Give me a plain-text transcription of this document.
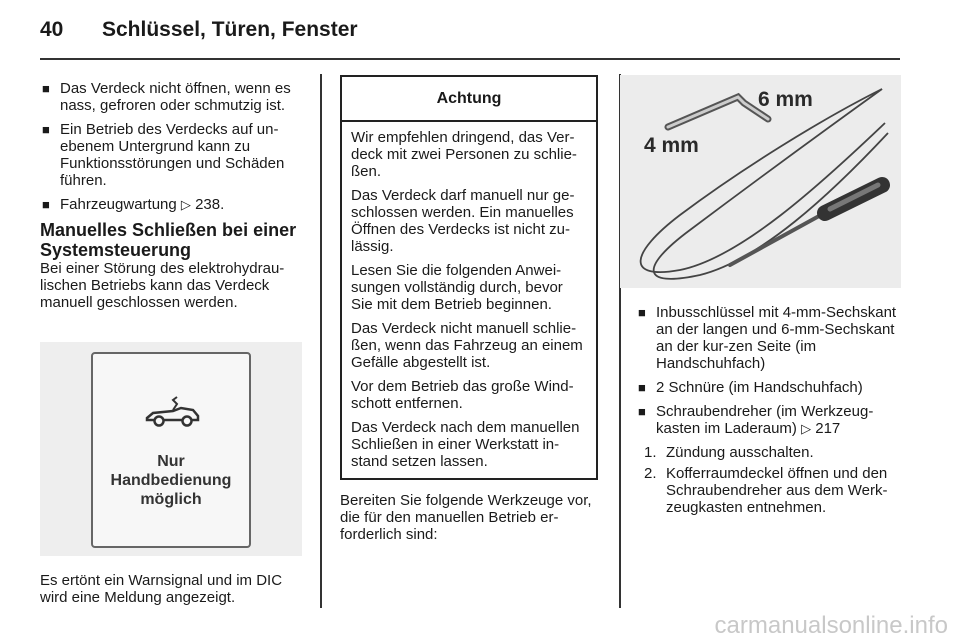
40 Schlüssel, Türen, Fenster
■ Das Verdeck nicht öffnen, wenn es nass, gefroren oder schmutzig ist.
■ Ein Betrieb des Verdecks auf un-ebenem Untergrund kann zu Funktionsstörungen und Schäden führen.
■ Fahrzeugwartung ▷ 238.
Manuelles Schließen bei einer Systemsteuerung
Bei einer Störung des elektrohydrau-lischen Betriebs kann das Verdeck manuell geschlossen werden.
Nur
Handbedienung
möglich
Es ertönt ein Warnsignal und im DIC wird eine Meldung angezeigt.
Achtung

Wir empfehlen dringend, das Ver-deck mit zwei Personen zu schlie-ßen.

Das Verdeck darf manuell nur ge-schlossen werden. Ein manuelles Öffnen des Verdecks ist nicht zu-lässig.

Lesen Sie die folgenden Anwei-sungen vollständig durch, bevor Sie mit dem Betrieb beginnen.

Das Verdeck nicht manuell schlie-ßen, wenn das Fahrzeug an einem Gefälle abgestellt ist.

Vor dem Betrieb das große Wind-schott entfernen.

Das Verdeck nach dem manuellen Schließen in einer Werkstatt in-stand setzen lassen.

Bereiten Sie folgende Werkzeuge vor, die für den manuellen Betrieb er-forderlich sind:
6 mm
4 mm
■ Inbusschlüssel mit 4-mm-Sechskant an der langen und 6-mm-Sechskant an der kur-zen Seite (im Handschuhfach)
■ 2 Schnüre (im Handschuhfach)
■ Schraubendreher (im Werkzeug-kasten im Laderaum) ▷ 217
1. Zündung ausschalten.
2. Kofferraumdeckel öffnen und den Schraubendreher aus dem Werk-zeugkasten entnehmen.
carmanualsonline.info
